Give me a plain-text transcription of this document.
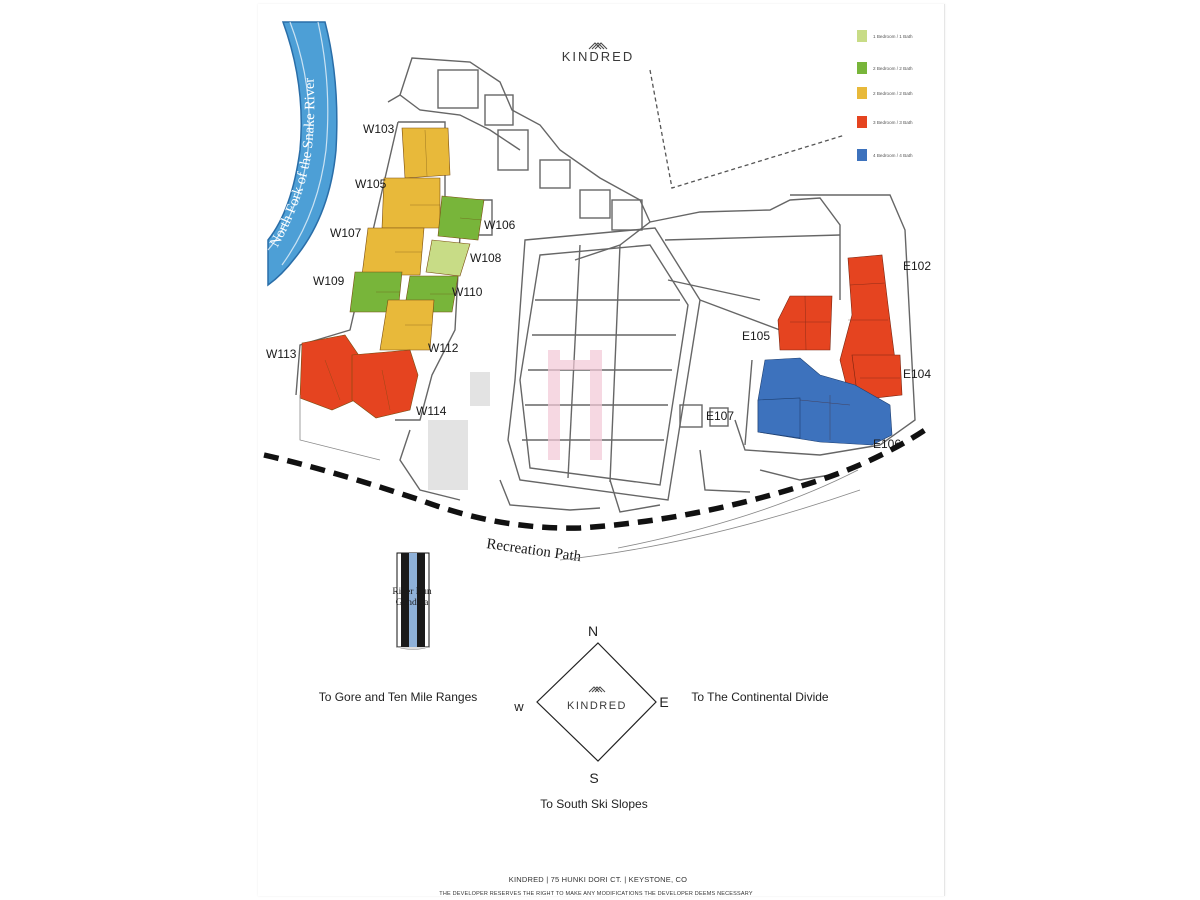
North Fork of the Snake River
KINDRED
1 Bedroom / 1 Bath
2 Bedroom / 2 Bath
2 Bedroom / 2 Bath
3 Bedroom / 3 Bath
4 Bedroom / 4 Bath
W103
W105
W106
W107
W108
W109
W110
W112
W113
W114
E102
E104
E105
E106
E107
Recreation Path
River Run
Gondola
KINDRED
N
S
E
w
To Gore and Ten Mile Ranges	To The Continental Divide
To South Ski Slopes
KINDRED | 75 HUNKI DORI CT. | KEYSTONE, CO
THE DEVELOPER RESERVES THE RIGHT TO MAKE ANY MODIFICATIONS THE DEVELOPER DEEMS NECESSARY
